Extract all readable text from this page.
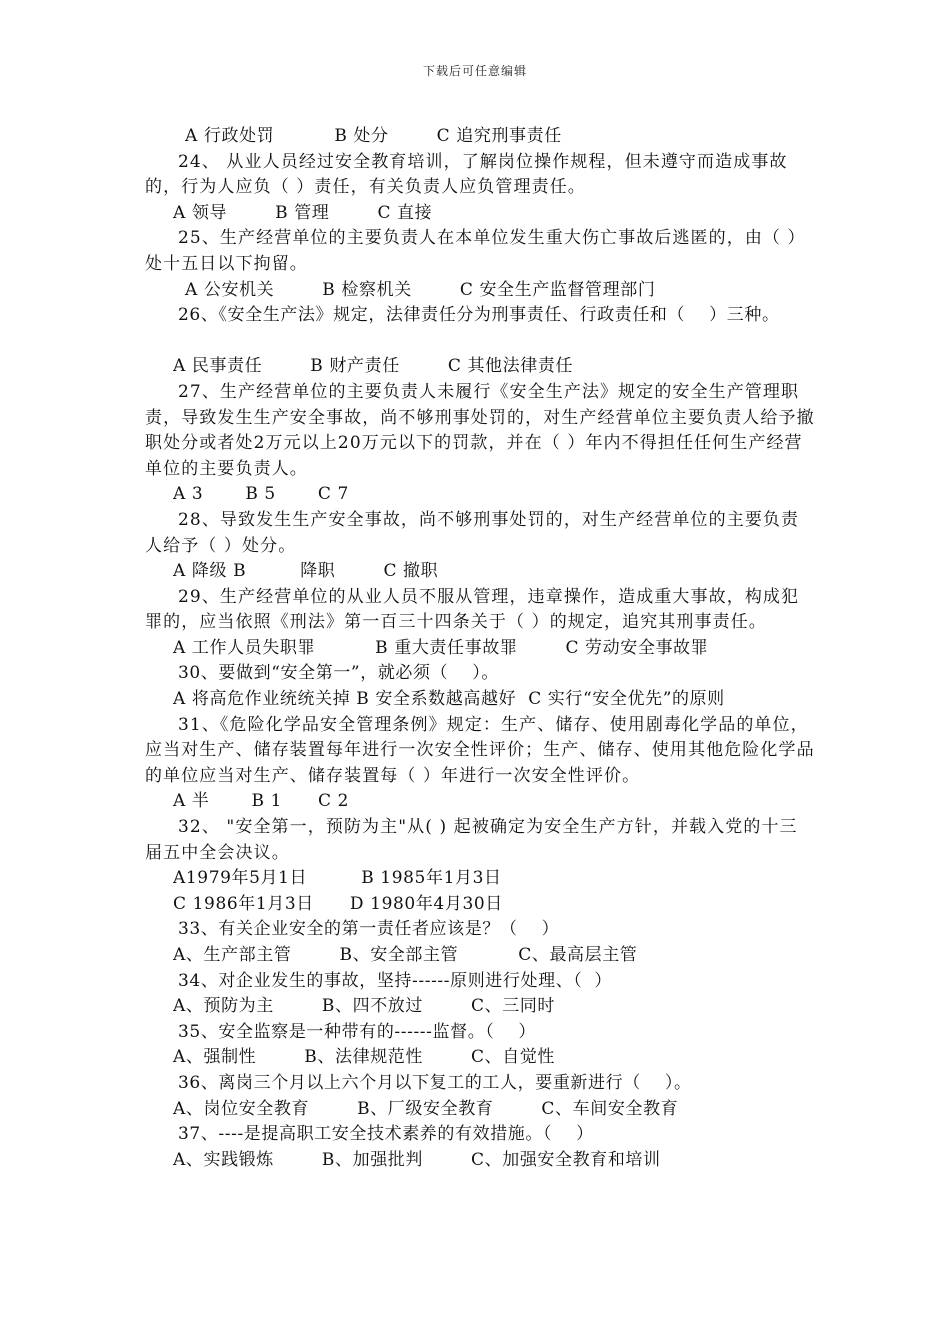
下载后可任意编辑
A 行政处罚          B 处分        C 追究刑事责任
24、 从业人员经过安全教育培训，了解岗位操作规程，但未遵守而造成事故的，行为人应负（ ）责任，有关负责人应负管理责任。
A 领导        B 管理        C 直接
25、生产经营单位的主要负责人在本单位发生重大伤亡事故后逃匿的，由（ ）处十五日以下拘留。
A 公安机关        B 检察机关        C 安全生产监督管理部门
26、《安全生产法》规定，法律责任分为刑事责任、行政责任和（    ）三种。
A 民事责任        B 财产责任        C 其他法律责任
27、生产经营单位的主要负责人未履行《安全生产法》规定的安全生产管理职责，导致发生生产安全事故，尚不够刑事处罚的，对生产经营单位主要负责人给予撤职处分或者处2万元以上20万元以下的罚款，并在（ ）年内不得担任任何生产经营单位的主要负责人。
A 3       B 5       C 7
28、导致发生生产安全事故，尚不够刑事处罚的，对生产经营单位的主要负责人给予（ ）处分。
A 降级 B         降职        C 撤职
29、生产经营单位的从业人员不服从管理，违章操作，造成重大事故，构成犯罪的，应当依照《刑法》第一百三十四条关于（ ）的规定，追究其刑事责任。
A 工作人员失职罪          B 重大责任事故罪        C 劳动安全事故罪
30、要做到“安全第一”，就必须（    ）。
A 将高危作业统统关掉 B 安全系数越高越好  C 实行“安全优先”的原则
31、《危险化学品安全管理条例》规定：生产、储存、使用剧毒化学品的单位，应当对生产、储存装置每年进行一次安全性评价；生产、储存、使用其他危险化学品的单位应当对生产、储存装置每（ ）年进行一次安全性评价。
A 半       B 1      C 2
32、 "安全第一，预防为主"从( ) 起被确定为安全生产方针，并载入党的十三届五中全会决议。
A1979年5月1日         B 1985年1月3日
C 1986年1月3日      D 1980年4月30日
33、有关企业安全的第一责任者应该是？（    ）
A、生产部主管        B、安全部主管          C、最高层主管
34、对企业发生的事故，坚持------原则进行处理、（  ）
A、预防为主        B、四不放过        C、三同时
35、安全监察是一种带有的------监督。（    ）
A、强制性        B、法律规范性        C、自觉性
36、离岗三个月以上六个月以下复工的工人，要重新进行（    ）。
A、岗位安全教育        B、厂级安全教育        C、车间安全教育
37、----是提高职工安全技术素养的有效措施。（    ）
A、实践锻炼        B、加强批判        C、加强安全教育和培训
